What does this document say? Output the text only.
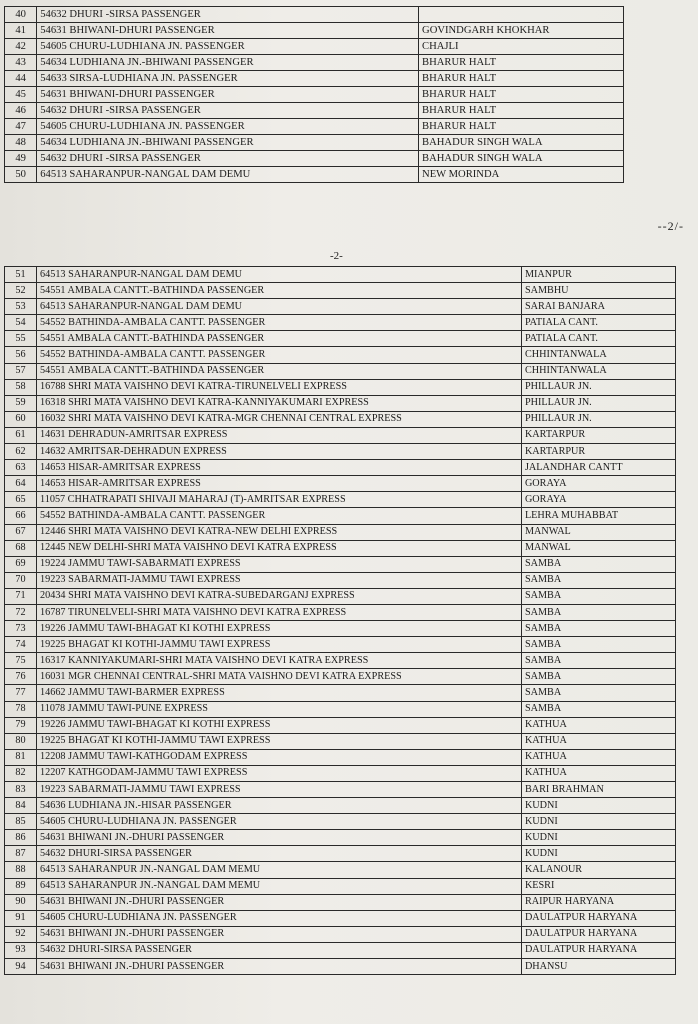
40	54632 DHURI -SIRSA PASSENGER	
41	54631 BHIWANI-DHURI PASSENGER	GOVINDGARH KHOKHAR
42	54605 CHURU-LUDHIANA JN. PASSENGER	CHAJLI
43	54634 LUDHIANA JN.-BHIWANI PASSENGER	BHARUR HALT
44	54633 SIRSA-LUDHIANA JN. PASSENGER	BHARUR HALT
45	54631 BHIWANI-DHURI PASSENGER	BHARUR HALT
46	54632 DHURI -SIRSA PASSENGER	BHARUR HALT
47	54605 CHURU-LUDHIANA JN. PASSENGER	BHARUR HALT
48	54634 LUDHIANA JN.-BHIWANI PASSENGER	BAHADUR SINGH WALA
49	54632 DHURI -SIRSA PASSENGER	BAHADUR SINGH WALA
50	64513 SAHARANPUR-NANGAL DAM DEMU	NEW MORINDA
--2/-
-2-
51	64513 SAHARANPUR-NANGAL DAM DEMU	MIANPUR
52	54551 AMBALA CANTT.-BATHINDA PASSENGER	SAMBHU
53	64513 SAHARANPUR-NANGAL DAM DEMU	SARAI BANJARA
54	54552 BATHINDA-AMBALA CANTT. PASSENGER	PATIALA CANT.
55	54551 AMBALA CANTT.-BATHINDA PASSENGER	PATIALA CANT.
56	54552 BATHINDA-AMBALA CANTT. PASSENGER	CHHINTANWALA
57	54551 AMBALA CANTT.-BATHINDA PASSENGER	CHHINTANWALA
58	16788 SHRI MATA VAISHNO DEVI KATRA-TIRUNELVELI EXPRESS	PHILLAUR JN.
59	16318 SHRI MATA VAISHNO DEVI KATRA-KANNIYAKUMARI EXPRESS	PHILLAUR JN.
60	16032 SHRI MATA VAISHNO DEVI KATRA-MGR CHENNAI CENTRAL EXPRESS	PHILLAUR JN.
61	14631 DEHRADUN-AMRITSAR EXPRESS	KARTARPUR
62	14632 AMRITSAR-DEHRADUN EXPRESS	KARTARPUR
63	14653 HISAR-AMRITSAR EXPRESS	JALANDHAR CANTT
64	14653 HISAR-AMRITSAR EXPRESS	GORAYA
65	11057 CHHATRAPATI SHIVAJI MAHARAJ (T)-AMRITSAR EXPRESS	GORAYA
66	54552 BATHINDA-AMBALA CANTT. PASSENGER	LEHRA MUHABBAT
67	12446 SHRI MATA VAISHNO DEVI KATRA-NEW DELHI EXPRESS	MANWAL
68	12445 NEW DELHI-SHRI MATA VAISHNO DEVI KATRA EXPRESS	MANWAL
69	19224 JAMMU TAWI-SABARMATI EXPRESS	SAMBA
70	19223 SABARMATI-JAMMU TAWI EXPRESS	SAMBA
71	20434 SHRI MATA VAISHNO DEVI KATRA-SUBEDARGANJ EXPRESS	SAMBA
72	16787 TIRUNELVELI-SHRI MATA VAISHNO DEVI KATRA EXPRESS	SAMBA
73	19226 JAMMU TAWI-BHAGAT KI KOTHI EXPRESS	SAMBA
74	19225 BHAGAT KI KOTHI-JAMMU TAWI EXPRESS	SAMBA
75	16317 KANNIYAKUMARI-SHRI MATA VAISHNO DEVI KATRA EXPRESS	SAMBA
76	16031 MGR CHENNAI CENTRAL-SHRI MATA VAISHNO DEVI KATRA EXPRESS	SAMBA
77	14662 JAMMU TAWI-BARMER EXPRESS	SAMBA
78	11078 JAMMU TAWI-PUNE EXPRESS	SAMBA
79	19226 JAMMU TAWI-BHAGAT KI KOTHI EXPRESS	KATHUA
80	19225 BHAGAT KI KOTHI-JAMMU TAWI EXPRESS	KATHUA
81	12208 JAMMU TAWI-KATHGODAM EXPRESS	KATHUA
82	12207 KATHGODAM-JAMMU TAWI EXPRESS	KATHUA
83	19223 SABARMATI-JAMMU TAWI EXPRESS	BARI BRAHMAN
84	54636 LUDHIANA JN.-HISAR PASSENGER	KUDNI
85	54605 CHURU-LUDHIANA JN. PASSENGER	KUDNI
86	54631 BHIWANI JN.-DHURI PASSENGER	KUDNI
87	54632 DHURI-SIRSA PASSENGER	KUDNI
88	64513 SAHARANPUR JN.-NANGAL DAM MEMU	KALANOUR
89	64513 SAHARANPUR JN.-NANGAL DAM MEMU	KESRI
90	54631 BHIWANI JN.-DHURI PASSENGER	RAIPUR HARYANA
91	54605 CHURU-LUDHIANA JN. PASSENGER	DAULATPUR HARYANA
92	54631 BHIWANI JN.-DHURI PASSENGER	DAULATPUR HARYANA
93	54632 DHURI-SIRSA PASSENGER	DAULATPUR HARYANA
94	54631 BHIWANI JN.-DHURI PASSENGER	DHANSU
